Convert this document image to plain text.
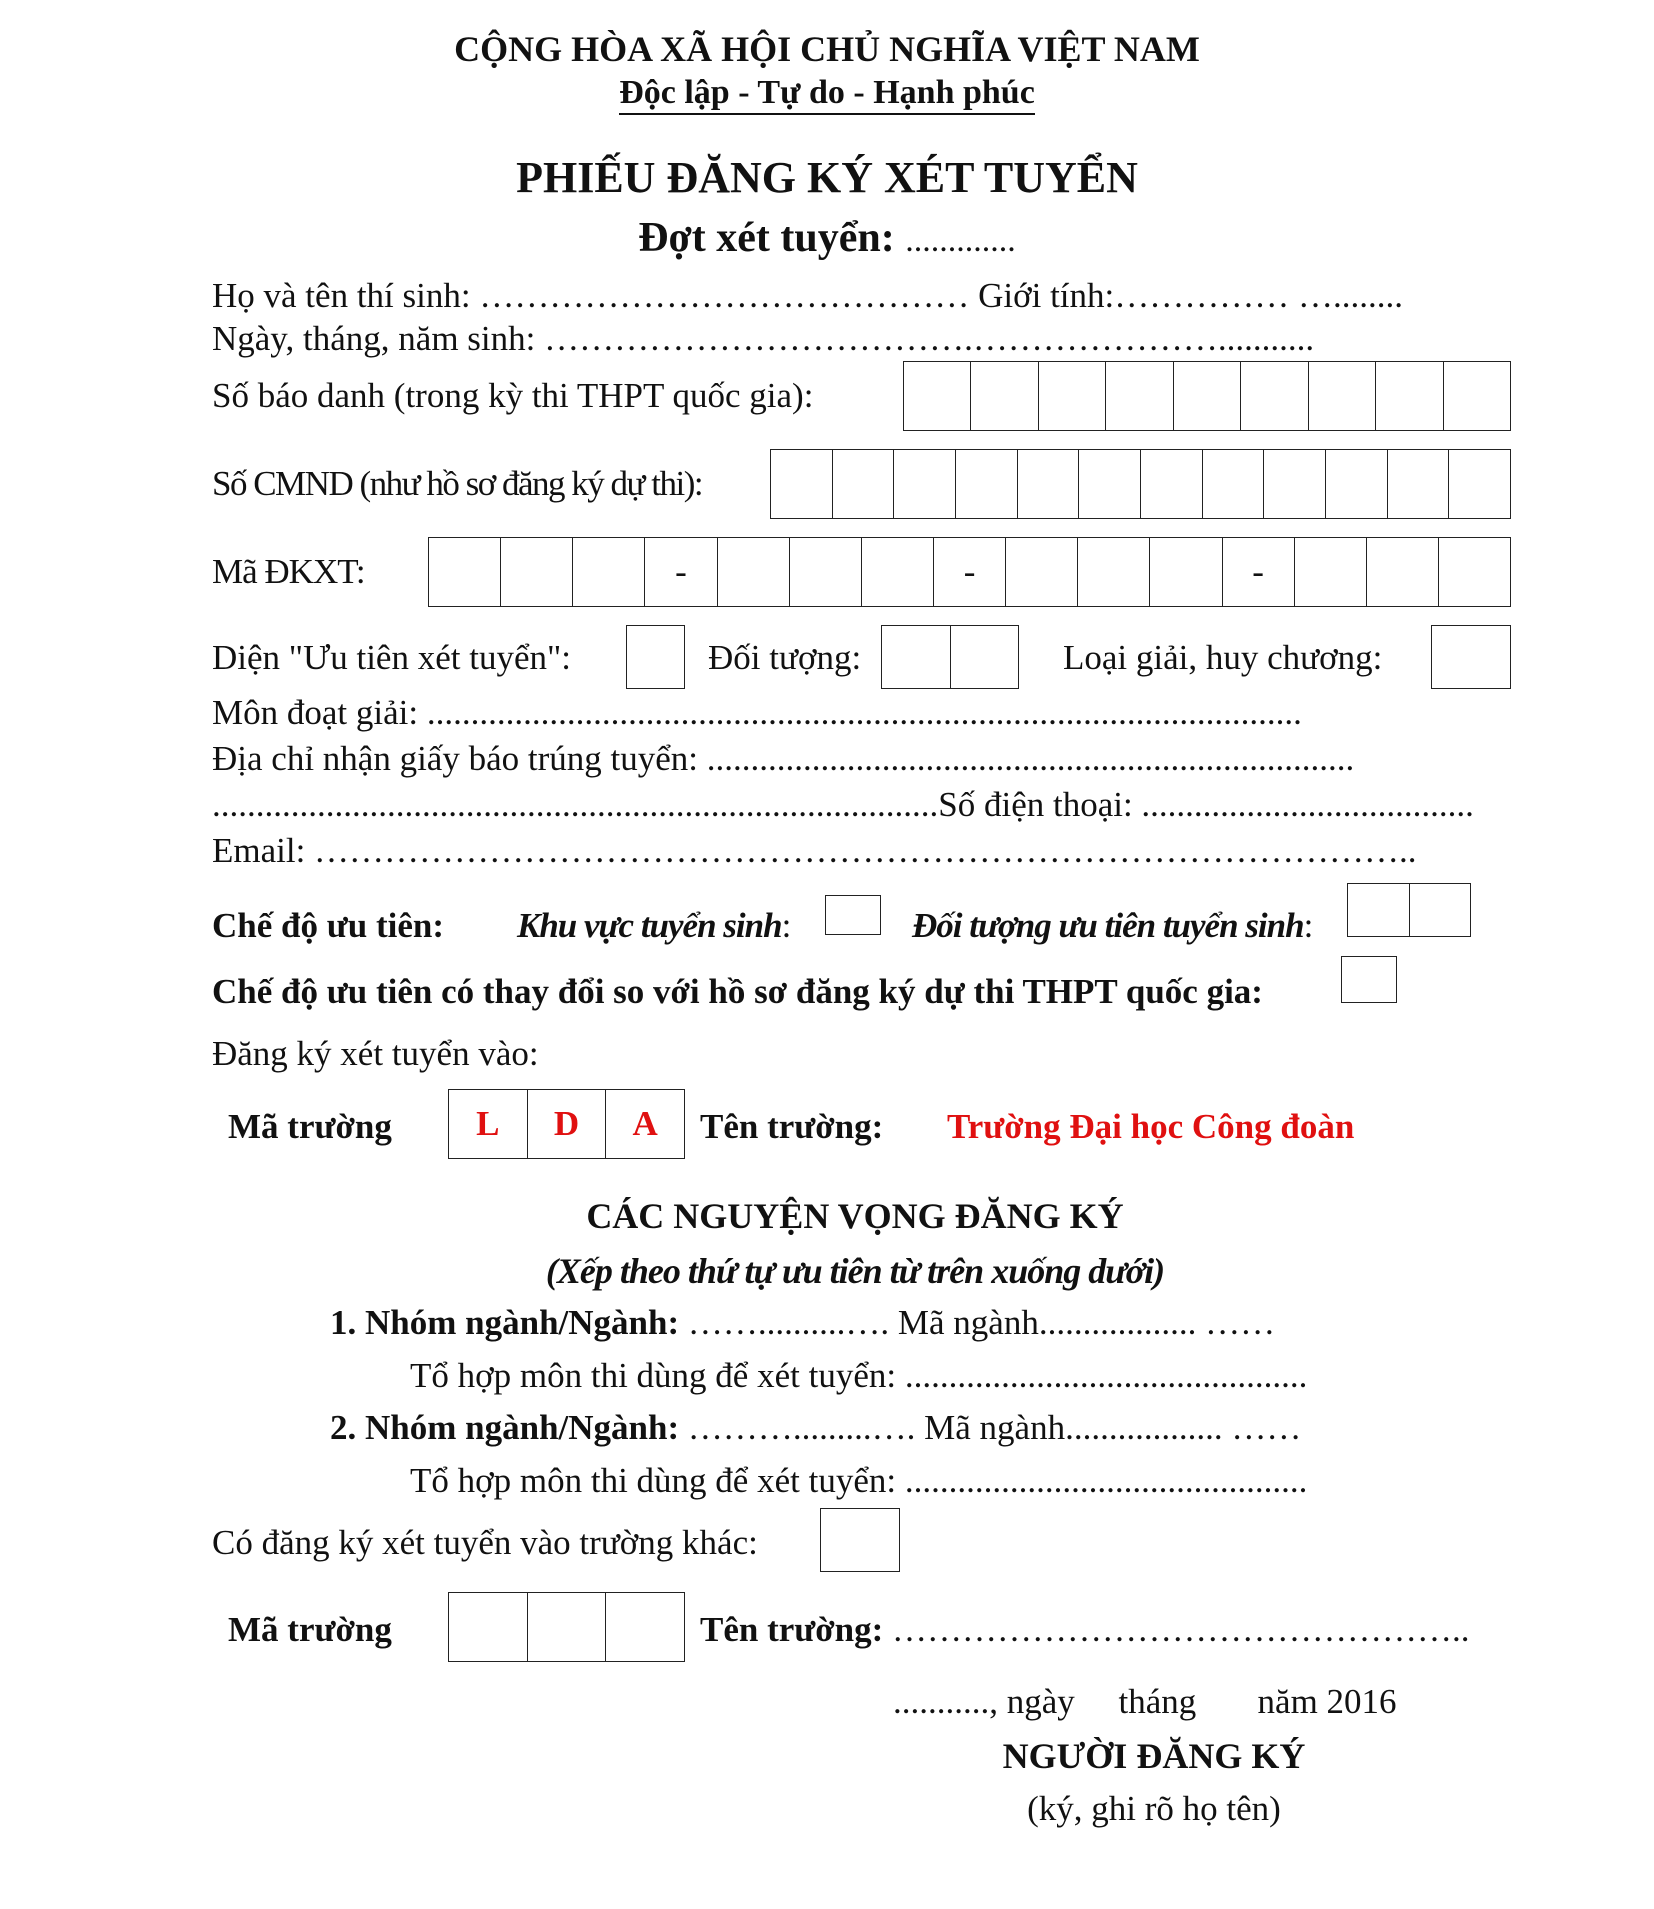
CỘNG HÒA XÃ HỘI CHỦ NGHĨA VIỆT NAM
Độc lập - Tự do - Hạnh phúc
PHIẾU ĐĂNG KÝ XÉT TUYỂN
Đợt xét tuyển: .............
Họ và tên thí sinh: …………………………………… Giới tính:…………… …........
Ngày, tháng, năm sinh: ……………………………….…………………...........
Số báo danh (trong kỳ thi THPT quốc gia):
Số CMND (như hồ sơ đăng ký dự thi):
Mã ĐKXT:	-	-	-
Diện "Ưu tiên xét tuyển":	Đối tượng:	Loại giải, huy chương:
Môn đoạt giải: ....................................................................................................
Địa chỉ nhận giấy báo trúng tuyển: ..........................................................................
...................................................................................Số điện thoại: ......................................
Email: …………………………………………………………………………………..
Chế độ ưu tiên: Khu vực tuyển sinh:	Đối tượng ưu tiên tuyển sinh:
Chế độ ưu tiên có thay đổi so với hồ sơ đăng ký dự thi THPT quốc gia:
Đăng ký xét tuyển vào:
Mã trường	L	D	A	Tên trường: Trường Đại học Công đoàn
CÁC NGUYỆN VỌNG ĐĂNG KÝ
(Xếp theo thứ tự ưu tiên từ trên xuống dưới)
1. Nhóm ngành/Ngành: ……..........…. Mã ngành.................. ……
Tổ hợp môn thi dùng để xét tuyển: ..............................................
2. Nhóm ngành/Ngành: ……….........…. Mã ngành.................. ……
Tổ hợp môn thi dùng để xét tuyển: ..............................................
Có đăng ký xét tuyển vào trường khác:
Mã trường	Tên trường: …………………………………………..
..........., ngày     tháng       năm 2016
NGƯỜI ĐĂNG KÝ
(ký, ghi rõ họ tên)
